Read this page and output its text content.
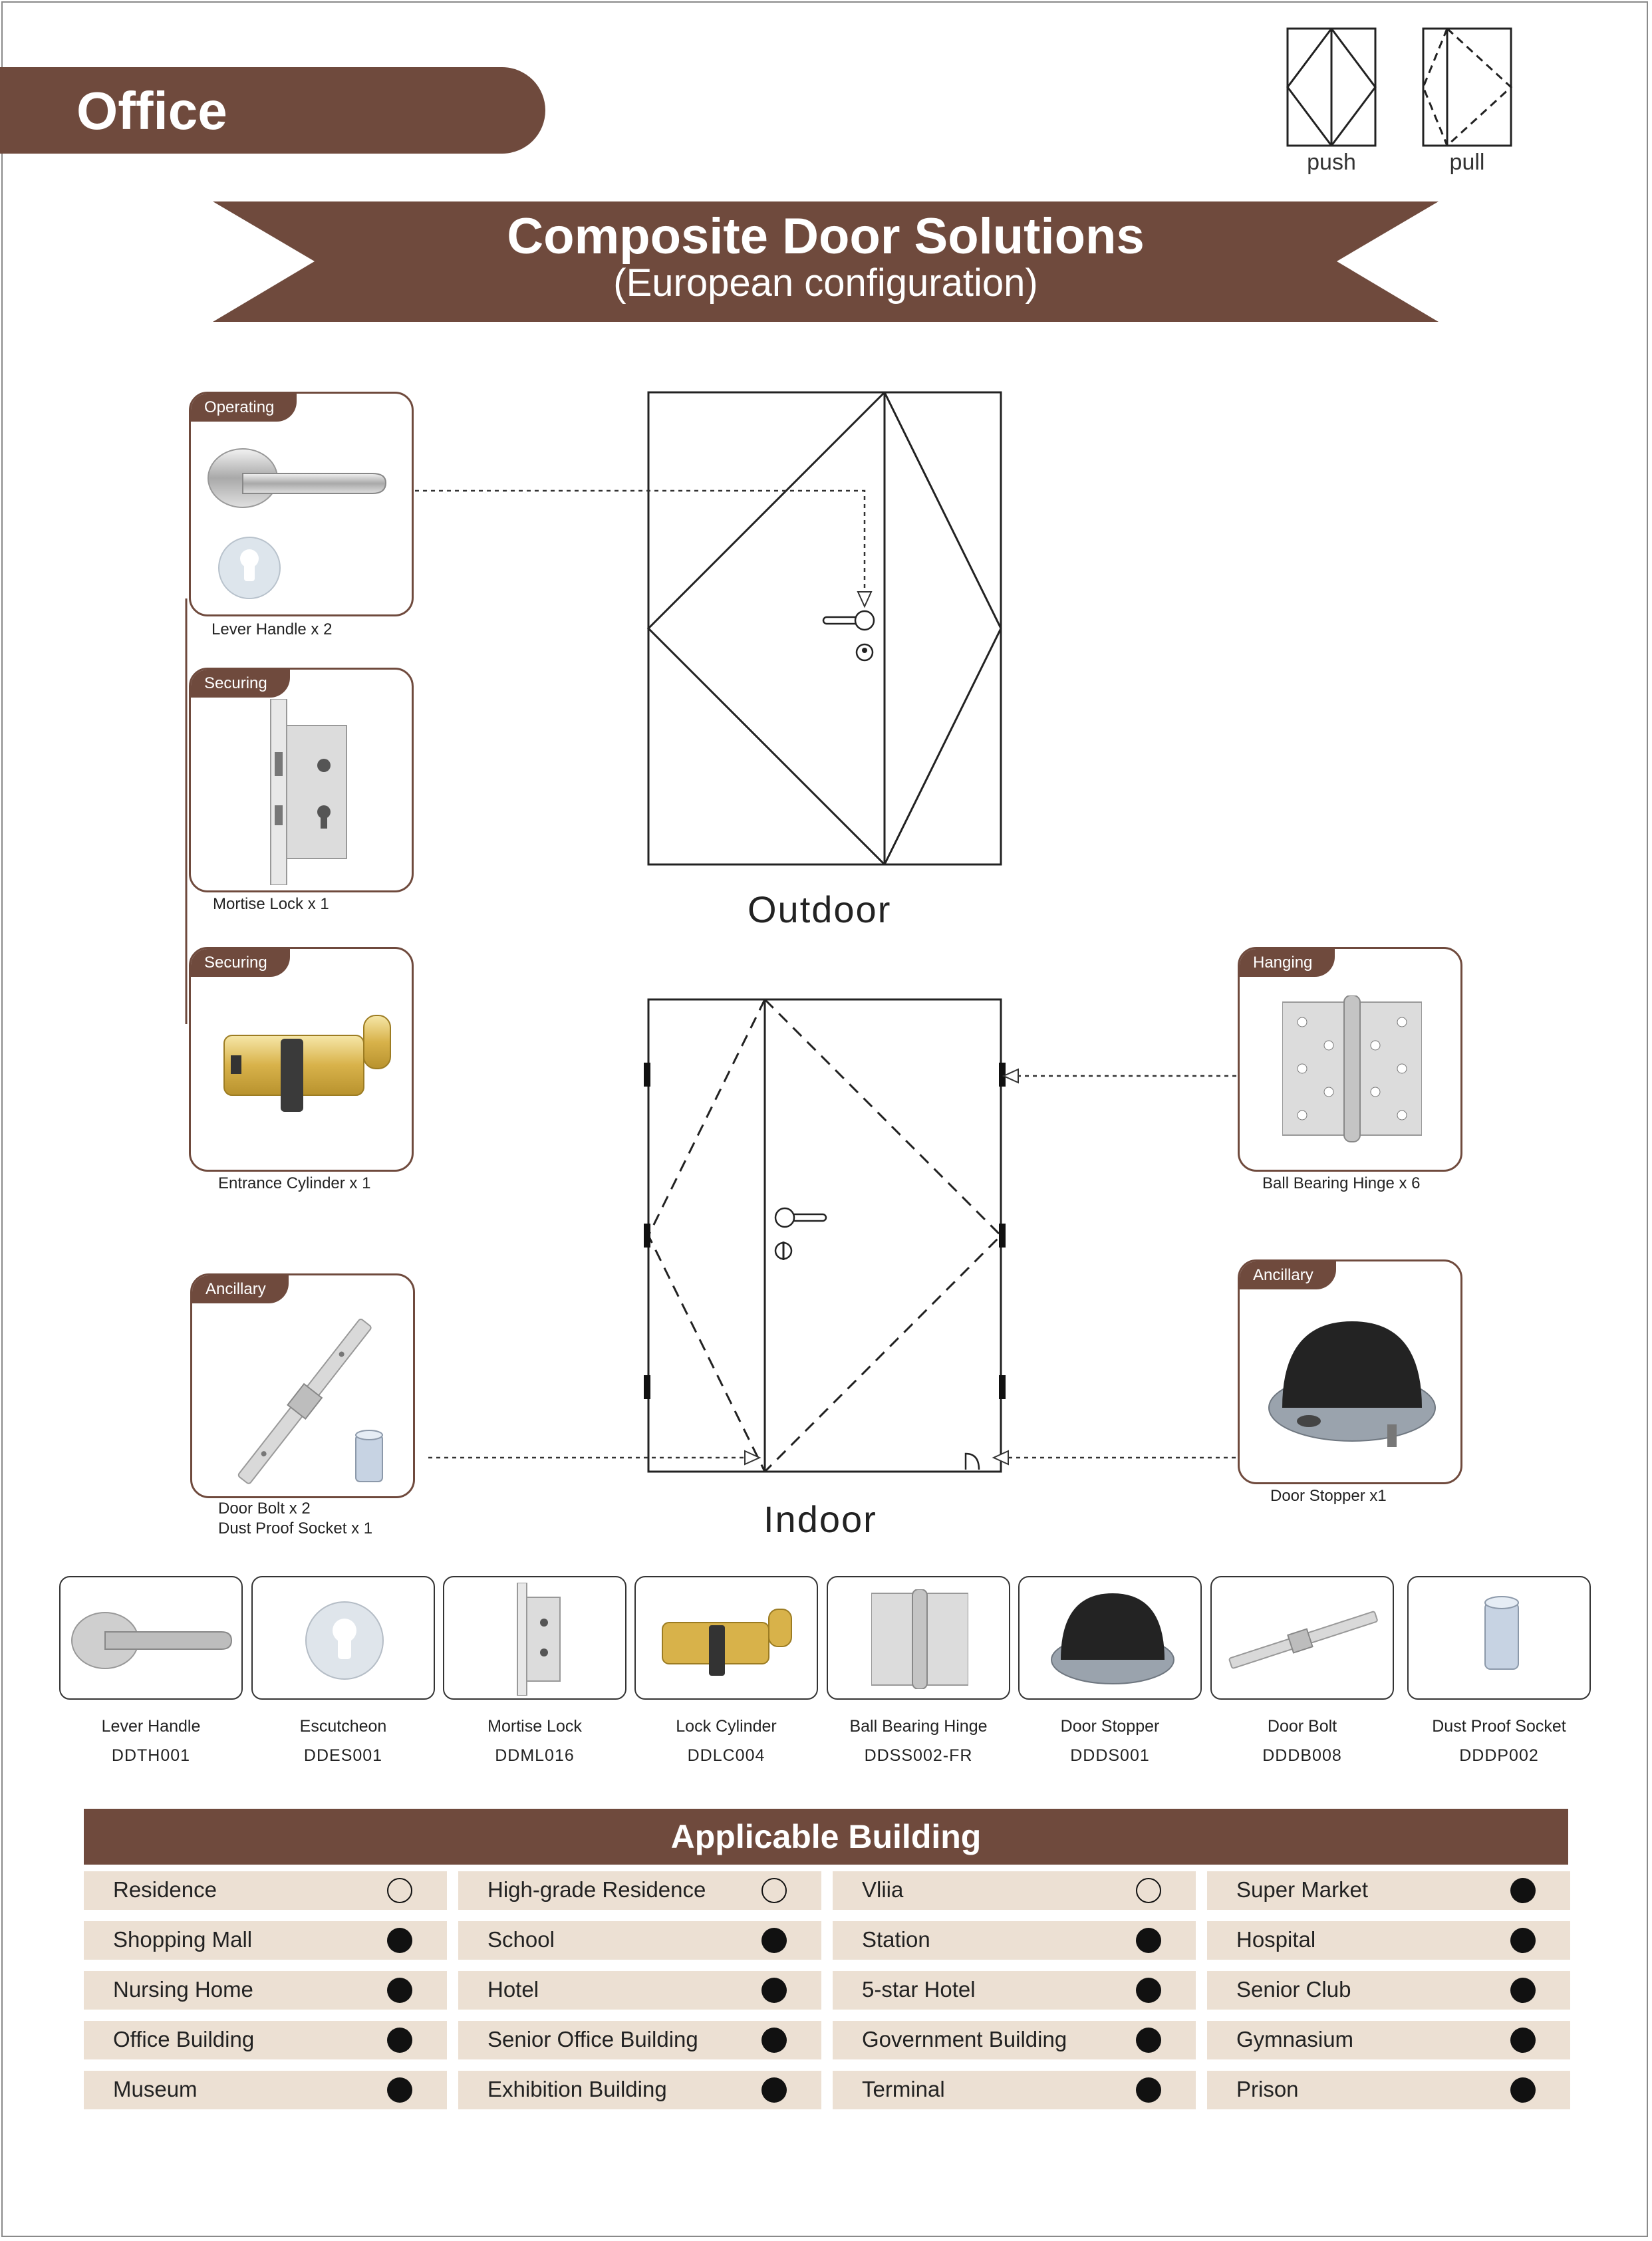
Office
push	pull
Composite Door Solutions
(European configuration)
Operating
Lever Handle x 2
Securing
Mortise Lock x 1
Securing
Entrance Cylinder x 1
Ancillary
Door Bolt x 2
Dust Proof Socket x 1
Hanging
Ball Bearing Hinge x 6
Ancillary
Door Stopper x1
Outdoor
Indoor
Lever Handle
DDTH001
Escutcheon
DDES001
Mortise Lock
DDML016
Lock Cylinder
DDLC004
Ball Bearing Hinge
DDSS002-FR
Door Stopper
DDDS001
Door Bolt
DDDB008
Dust Proof Socket
DDDP002
Applicable Building
Residence	High-grade Residence	Vliia	Super Market
Shopping Mall	School	Station	Hospital
Nursing Home	Hotel	5-star Hotel	Senior Club
Office Building	Senior Office Building	Government Building	Gymnasium
Museum	Exhibition Building	Terminal	Prison
